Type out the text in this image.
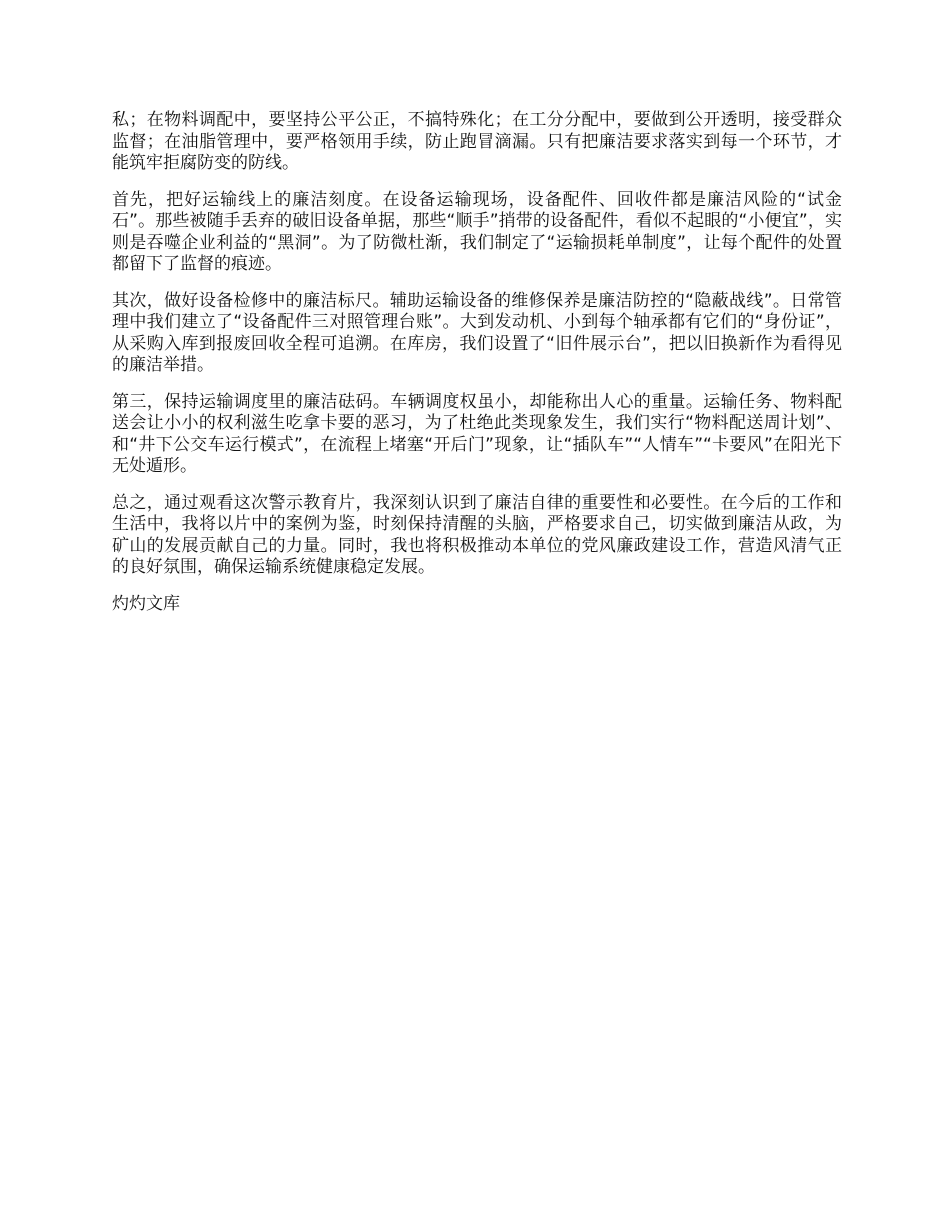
私；在物料调配中，要坚持公平公正，不搞特殊化；在工分分配中，要做到公开透明，接受群众监督；在油脂管理中，要严格领用手续，防止跑冒滴漏。只有把廉洁要求落实到每一个环节，才能筑牢拒腐防变的防线。

首先，把好运输线上的廉洁刻度。在设备运输现场，设备配件、回收件都是廉洁风险的“试金石”。那些被随手丢弃的破旧设备单据，那些“顺手”捎带的设备配件，看似不起眼的“小便宜”，实则是吞噬企业利益的“黑洞”。为了防微杜渐，我们制定了“运输损耗单制度”，让每个配件的处置都留下了监督的痕迹。

其次，做好设备检修中的廉洁标尺。辅助运输设备的维修保养是廉洁防控的“隐蔽战线”。日常管理中我们建立了“设备配件三对照管理台账”。大到发动机、小到每个轴承都有它们的“身份证”，从采购入库到报废回收全程可追溯。在库房，我们设置了“旧件展示台”，把以旧换新作为看得见的廉洁举措。

第三，保持运输调度里的廉洁砝码。车辆调度权虽小，却能称出人心的重量。运输任务、物料配送会让小小的权利滋生吃拿卡要的恶习，为了杜绝此类现象发生，我们实行“物料配送周计划”、和“井下公交车运行模式”，在流程上堵塞“开后门”现象，让“插队车”“人情车”“卡要风”在阳光下无处遁形。

总之，通过观看这次警示教育片，我深刻认识到了廉洁自律的重要性和必要性。在今后的工作和生活中，我将以片中的案例为鉴，时刻保持清醒的头脑，严格要求自己，切实做到廉洁从政，为矿山的发展贡献自己的力量。同时，我也将积极推动本单位的党风廉政建设工作，营造风清气正的良好氛围，确保运输系统健康稳定发展。

灼灼文库
